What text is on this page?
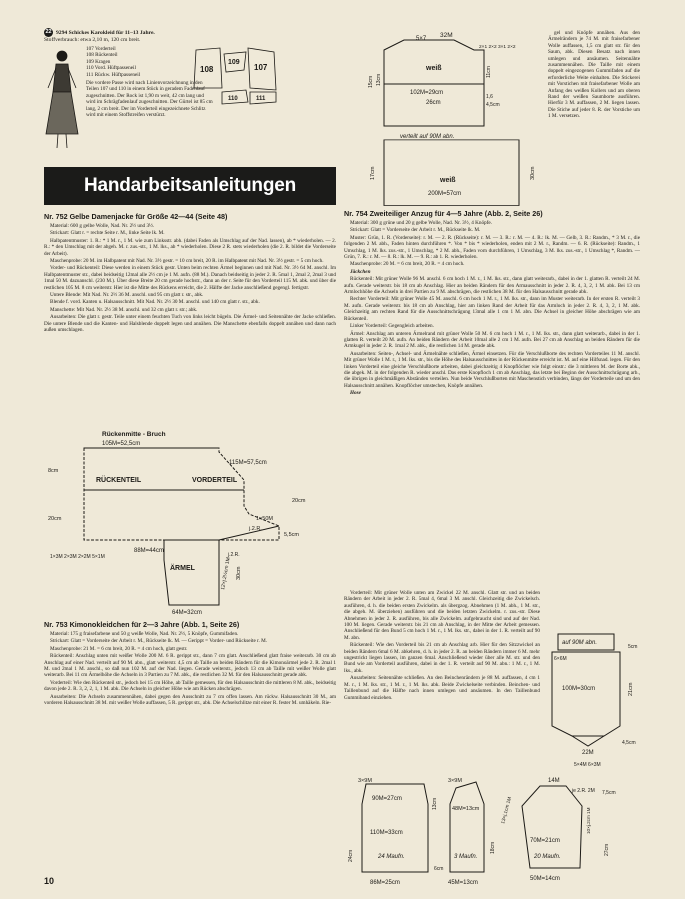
22 9294 Schickes Karokleid für 11–13 Jahre.
Stoffverbrauch: etwa 2,10 m, 120 cm breit.
107 Vorderteil
108 Rückenteil
109 Kragen
110 Vord. Hüftpasseneil
111 Rückw. Hüftpasseneil
Die vordere Passe wird nach Linienvorzeichnung in den Teilen 107 und 110 in einem Stück in geradem Fadenlauf zugeschnitten. Der Rock ist 1,90 m weit, 42 cm lang und wird im Schrägfadenlauf zugeschnitten. Der Gürtel ist 85 cm lang, 2 cm breit. Der im Vorderteil eingezeichnete Schlitz wird mit einem Stoffstreifen verstürzt.
108
109
107
110	111
Handarbeitsanleitungen
Nr. 752 Gelbe Damenjacke für Größe 42—44 (Seite 48)

Material: 600 g gelbe Wolle, Nad. Nr. 2½ und 3½.

Strickart: Glatt r. = rechte Seite r. M., linke Seite lk. M.

Halbpatentmuster: 1. R.: * 1 M. r., 1 M. wie zum Linksstr. abh. (dabei Faden als Umschlag auf der Nad. lassen), ab * wiederholen. — 2. R.: * den Umschlag mit der abgeh. M. r. zus.-str., 1 M. lks., ab * wiederholen. Diese 2 R. stets wiederholen (die 2. R. bildet die Vorderseite der Arbeit).

Maschenprobe: 20 M. im Halbpatent mit Nad. Nr. 3½ gestr. = 10 cm breit, 20 R. im Halbpatent mit Nad. Nr. 3½ gestr. = 5 cm hoch.

Vorder- und Rückenteil: Diese werden in einem Stück gestr. Unten beim rechten Ärmel beginnen und mit Nad. Nr. 3½ 64 M. anschl. Im Halbpatentmuster str., dabei beidseitig 12mal alle 2½ cm je 1 M. aufn. (88 M.). Danach beidseitig in jeder 2. R. 5mal 1, 2mal 2, 2mal 3 und 1mal 50 M. dazuanschl. (230 M.). Über diese Breite 20 cm gerade hochstr., dann an der r. Seite für den Vorderteil 115 M. abk. und über die restlichen 105 M. 8 cm weiterstr. Hier ist die Mitte des Rückens erreicht, die 2. Hälfte der Jacke anschließend gegengl. fertigstr.

Untere Blende: Mit Nad. Nr. 2½ 36 M. anschl. und 95 cm glatt r. str., abk.

Blende f. vord. Kanten u. Halsausschnitt. Mit Nad. Nr. 2½ 30 M. anschl. und 140 cm glatt r. str., abk.

Manschette: Mit Nad. Nr. 2½ 38 M. anschl. und 32 cm glatt r. str.; abk.

Ausarbeiten: Die glatt r. gestr. Teile unter einem feuchten Tuch von links leicht bügeln. Die Ärmel- und Seitennähte der Jacke schließen. Die untere Blende und die Kanten- und Halsblende doppelt legen und annähen. Die Manschette ebenfalls doppelt annähen und dann nach außen umschlagen.

Rückenmitte - Bruch
105M=52,5cm
8cm
20cm
RÜCKENTEIL	VORDERTEIL
115M=57,5cm
20cm
1×50M
j.2.R.
5,5cm
88M=44cm
ÄRMEL
j.2.R.
1×3M 2×3M 2×2M 5×1M	12×j.2½cm 1M 30cm
64M=32cm
Nr. 753 Kimonokleidchen für 2—3 Jahre (Abb. 1, Seite 26)

Material: 175 g fraisefarbene und 50 g weiße Wolle, Nad. Nr. 2½, 5 Knöpfe, Gummifaden.

Strickart: Glatt = Vorderseite der Arbeit r. M., Rückseite lk. M. — Gerippt = Vorder- und Rückseite r. M.

Maschenprobe: 21 M. = 6 cm breit, 20 R. = 4 cm hoch, glatt gestr.

Rückenteil: Anschlag unten mit weißer Wolle 200 M. 6 R. gerippt str., dann 7 cm glatt. Anschließend glatt fraise weiterarb. 30 cm ab Anschlag auf einer Nad. verteilt auf 90 M. abn., glatt weiterstr. 4,5 cm ab Taille an beiden Rändern für die Kimonoärmel jede 2. R. 2mal 1 M. und 2mal 1 M. anschl., so daß nun 102 M. auf der Nad. liegen. Gerade weiterstr., jedoch 13 cm ab Taille mit weißer Wolle glatt weiterarb. Bei 11 cm Ärmelhöhe die Achseln in 3 Partien zu 7 M. abk., die restlichen 32 M. für den Halsausschnitt gerade abk.

Vorderteil: Wie den Rückenteil str., jedoch bei 15 cm Höhe, ab Taille gemessen, für den Halsausschnitt die mittleren 8 M. abk., beidseitig davon jede 2. R. 3, 2, 2, 1, 1 M. abk. Die Achseln in gleicher Höhe wie am Rücken abschrägen.

Ausarbeiten: Die Achseln zusammennähen, dabei gegen den Ausschnitt zu 7 cm offen lassen. Am rückw. Halsausschnitt 30 M., am vorderen Halsausschnitt 38 M. mit weißer Wolle auffassen, 5 R. gerippt str., abk. Die Achselschlitze mit einer R. fester M. umhäkeln. Rie-

10
5×7 32M
weiß
2×1 2×2 3×1 2×2
15cm 13cm
11cm
102M=29cm
26cm
1,6
4,5cm
verteilt auf 90M abn.
17cm	30cm
weiß
200M=57cm

gel und Knöpfe annähen. Aus den Ärmelrändern je 74 M. mit fraisefarbener Wolle auffassen, 1,5 cm glatt str. für den Saum, abk. Diesen Besatz nach innen umlegen und ansäumen. Seitennähte zusammennähen. Die Taille mit einem doppelt eingezogenen Gummifaden auf die erforderliche Weite einhalten. Die Stickerei mit Vorstichen mit fraisefarbener Wolle am Anfang des weißen Kollers und am oberen Rand der weißen Saumborte ausführen. Hierfür 3 M. auffassen, 2 M. liegen lassen. Die Stiche auf jeder 8. R. der Vorstiche um 1 M. versetzen.

Nr. 754 Zweiteiliger Anzug für 4—5 Jahre (Abb. 2, Seite 26)

Material: 300 g grüne und 20 g gelbe Wolle, Nad. Nr. 3½, 4 Knöpfe.

Strickart: Glatt = Vorderseite der Arbeit r. M., Rückseite lk. M.

Muster: Grün, 1. R. (Vorderseite): r. M. — 2. R. (Rückseite): r. M. — 3. R.: r. M. — 4. R.: lk. M. — Gelb, 3. R.: Randm., * 3 M. r., die folgenden 2 M. abh., Faden hinten durchführen *. Von * bis * wiederholen, enden mit 2 M. r., Randm. — 6. R. (Rückseite): Randm., 1 Umschlag, 1 M. lks. zus.-str., 1 Umschlag, * 2 M. abh., Faden vorn durchführen, 1 Umschlag, 3 M. lks. zus.-str., 1 Umschlag *, Randm. — Grün, 7. R.: r. M. — 8. R.: lk. M. — 9. R.: ab 1. R. wiederholen.

Maschenprobe: 20 M. = 6 cm breit, 20 R. = 4 cm hoch.

Jäckchen

Rückenteil: Mit grüner Wolle 96 M. anschl. 6 cm hoch 1 M. r., 1 M. lks. str., dann glatt weiterarb., dabei in der 1. glatten R. verteilt 24 M. aufn. Gerade weiterstr. bis 18 cm ab Anschlag. Hier an beiden Rändern für den Armausschnitt in jeder 2. R. 4, 3, 2, 1 M. abk. Bei 13 cm Armlochhöhe die Achseln in drei Partien zu 9 M. abschrägen, die restlichen 38 M. für den Halsausschnitt gerade abk.

Rechter Vorderteil: Mit grüner Wolle 45 M. anschl. 6 cm hoch 1 M. r., 1 M. lks. str., dann im Muster weiterarb. In der ersten R. verteilt 3 M. aufn. Gerade weiterstr. bis 18 cm ab Anschlag, hier am linken Rand der Arbeit für das Armloch in jeder 2. R. 4, 3, 2, 1 M. abk. Gleichzeitig am rechten Rand für die Ausschnittschrägung 13mal alle 1 cm 1 M. abn. Die Achsel in gleicher Höhe abschrägen wie am Rückenteil.

Linker Vorderteil: Gegengleich arbeiten.

Ärmel: Anschlag am unteren Ärmelrand mit grüner Wolle 50 M. 6 cm hoch 1 M. r., 1 M. lks. str., dann glatt weiterarb., dabei in der 1. glatten R. verteilt 20 M. aufn. An beiden Rändern der Arbeit 10mal alle 2 cm 1 M. aufn. Bei 27 cm ab Anschlag an beiden Rändern für die Armkugel in jeder 2. R. 1mal 2 M. abk., die restlichen 14 M. gerade abk.

Ausarbeiten: Seiten-, Achsel- und Ärmelnähte schließen, Ärmel einsetzen. Für die Verschlußborte des rechten Vorderteiles 11 M. anschl. Mit grüner Wolle 1 M. r., 1 M. lks. str., bis die Höhe des Halsausschnittes in der Rückenmitte erreicht ist. M. auf eine Hilfsnad. legen. Für den linken Vorderteil eine gleiche Verschlußborte arbeiten, dabei gleichzeitig 4 Knopflöcher wie folgt einstr.: die 3 mittleren M. der Borte abk., die abgek. M. in der folgenden R. wieder anschl. Das erste Knopfloch 1 cm ab Anschlag, das letzte bei Beginn der Ausschnittschrägung arb., die übrigen in gleichmäßigen Abständen verteilen. Nun beide Verschlußborten mit Maschenstich verbinden, längs der Vorderteile und um den Halsausschnitt annähen. Knopflöcher umstechen, Knöpfe annähen.

Hose

Vorderteil: Mit grüner Wolle unten am Zwickel 22 M. anschl. Glatt str. und an beiden Rändern der Arbeit in jeder 2. R. 5mal 4, 6mal 3 M. anschl. Gleichzeitig die Zwickelsch. ausführen, d. h. die beiden ersten Zwickelm. als übergzog. Abnehmen (1 M. abh., 1 M. str., die abgeh. M. überziehen) ausführen und die beiden letzten Zwickelm. r. zus.-str. Diese Abnehmen in jeder 2. R. ausführen, bis alle Zwickelm. aufgebraucht sind und auf der Nad. 100 M. liegen. Gerade weiterstr. bis 21 cm ab Anschlag, in der Mitte der Arbeit gemessen. Anschließend für den Bund 5 cm hoch 1 M. r., 1 M. lks. str., dabei in der 1. R. verteilt auf 90 M. abn.

Rückenteil: Wie den Vorderteil bis 21 cm ab Anschlag arb. Hier für den Sitzzwickel an beiden Rändern 6mal 6 M. abkehren, d. h. in jeder 2. R. an beiden Rändern immer 6 M. mehr ungestrickt liegen lassen, im ganzen 6mal. Anschließend wieder über alle M. str. und den Bund wie am Vorderteil ausführen, dabei in der 1. R. verteilt auf 90 M. abn.: 1 M. r., 1 M. lks., abk.

Ausarbeiten: Seitennähte schließen. An den Beinchenrändern je 88 M. auffassen, 4 cm 1 M. r., 1 M. lks. str., 1 M. r., 1 M. lks. abk. Beide Zwickelseite verbinden. Beinchen- und Taillenbund auf die Hälfte nach innen umlegen und ansäumen. In den Taillenbund Gummiband einziehen.

auf 90M abn.
100M=30cm
6×6M
5cm
21cm
22M
5×4M 6×3M
4,5cm
3×9M
90M=27cm	13cm
110M=33cm
24cm	24 Maufn.
86M=25cm
6cm
3×9M
48M=13cm
3 Maufn.
45M=13cm
18cm
13×j.1cm 1M
14M
je 2.R. 2M
70M=21cm
20 Maufn.
50M=14cm
27cm
7,5cm
10×j.2cm 1M
